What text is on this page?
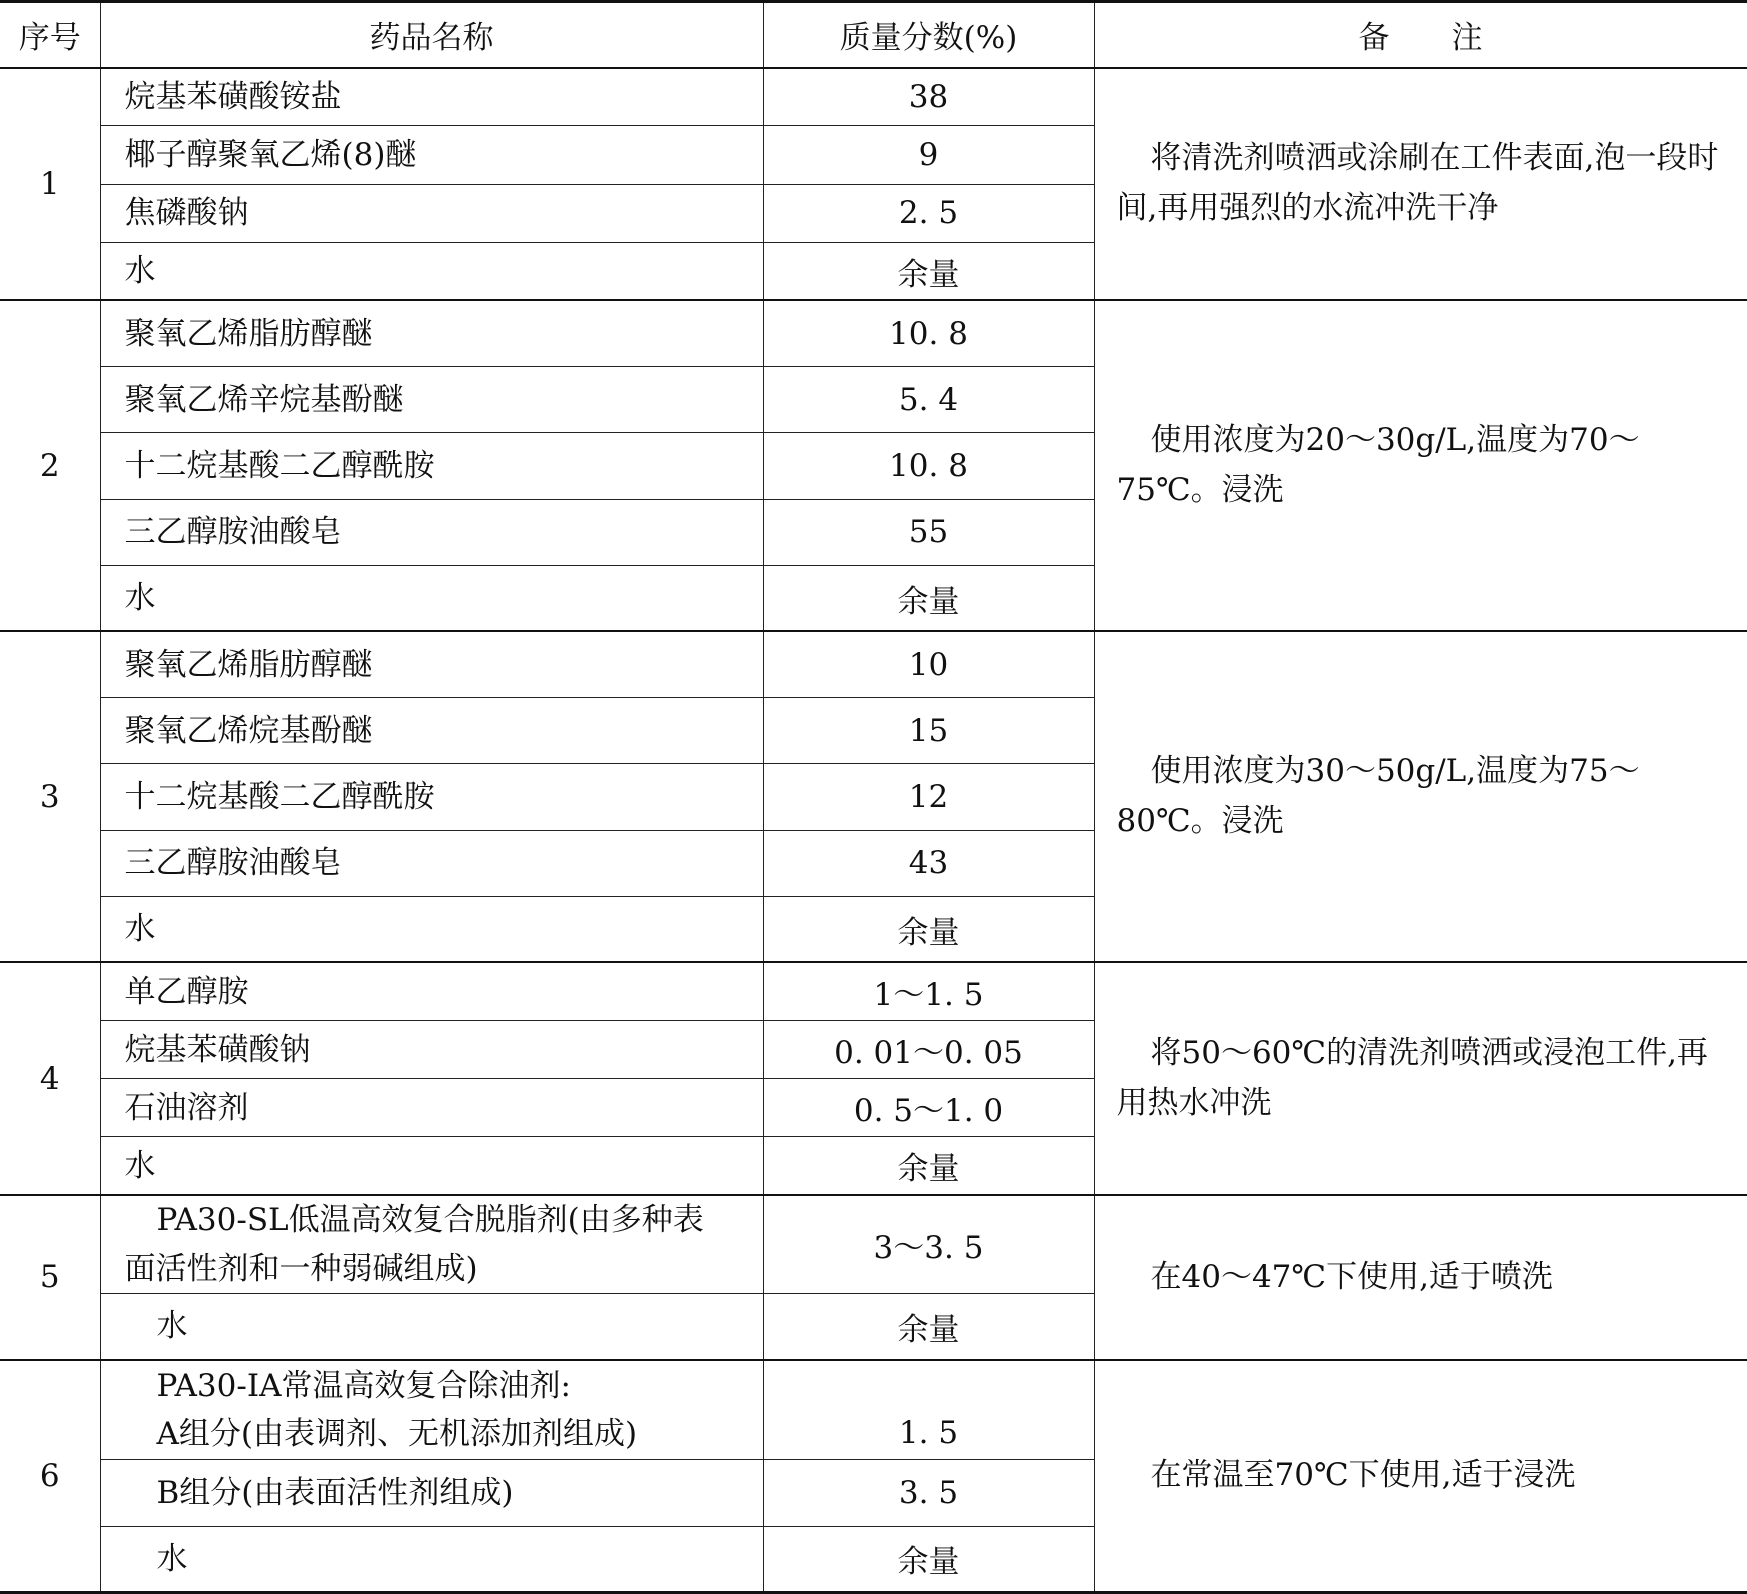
序号	药品名称	质量分数(%)	备　　注
1	烷基苯磺酸铵盐	38	将清洗剂喷洒或涂刷在工件表面,泡一段时间,再用强烈的水流冲洗干净
	椰子醇聚氧乙烯(8)醚	9	
	焦磷酸钠	2. 5	
	水	余量	
2	聚氧乙烯脂肪醇醚	10. 8	使用浓度为20～30g/L,温度为70～75℃。浸洗
	聚氧乙烯辛烷基酚醚	5. 4	
	十二烷基酸二乙醇酰胺	10. 8	
	三乙醇胺油酸皂	55	
	水	余量	
3	聚氧乙烯脂肪醇醚	10	使用浓度为30～50g/L,温度为75～80℃。浸洗
	聚氧乙烯烷基酚醚	15	
	十二烷基酸二乙醇酰胺	12	
	三乙醇胺油酸皂	43	
	水	余量	
4	单乙醇胺	1～1. 5	将50～60℃的清洗剂喷洒或浸泡工件,再用热水冲洗
	烷基苯磺酸钠	0. 01～0. 05	
	石油溶剂	0. 5～1. 0	
	水	余量	
5	PA30-SL低温高效复合脱脂剂(由多种表
面活性剂和一种弱碱组成)	3～3. 5	在40～47℃下使用,适于喷洗
	水	余量	
6	PA30-IA常温高效复合除油剂:
A组分(由表调剂、无机添加剂组成)	1. 5	在常温至70℃下使用,适于浸洗
	B组分(由表面活性剂组成)	3. 5	
	水	余量	
